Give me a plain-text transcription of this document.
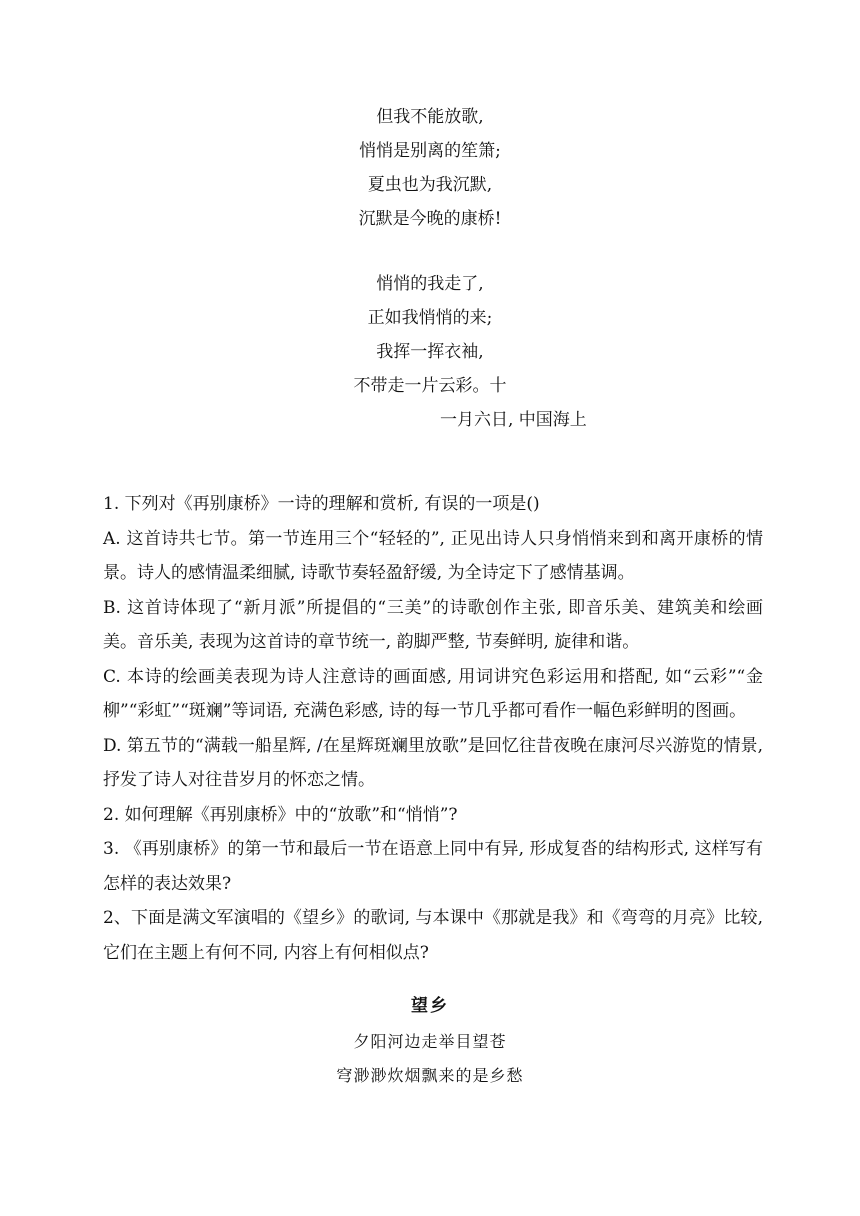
但我不能放歌,
悄悄是别离的笙箫;
夏虫也为我沉默,
沉默是今晚的康桥!
悄悄的我走了,
正如我悄悄的来;
我挥一挥衣袖,
不带走一片云彩。十
一月六日, 中国海上

1. 下列对《再别康桥》一诗的理解和赏析, 有误的一项是()

A. 这首诗共七节。第一节连用三个“轻轻的”, 正见出诗人只身悄悄来到和离开康桥的情景。诗人的感情温柔细腻, 诗歌节奏轻盈舒缓, 为全诗定下了感情基调。

B. 这首诗体现了“新月派”所提倡的“三美”的诗歌创作主张, 即音乐美、建筑美和绘画美。音乐美, 表现为这首诗的章节统一, 韵脚严整, 节奏鲜明, 旋律和谐。

C. 本诗的绘画美表现为诗人注意诗的画面感, 用词讲究色彩运用和搭配, 如“云彩”“金柳”“彩虹”“斑斓”等词语, 充满色彩感, 诗的每一节几乎都可看作一幅色彩鲜明的图画。

D. 第五节的“满载一船星辉, /在星辉斑斓里放歌”是回忆往昔夜晚在康河尽兴游览的情景, 抒发了诗人对往昔岁月的怀恋之情。

2. 如何理解《再别康桥》中的“放歌”和“悄悄”?

3. 《再别康桥》的第一节和最后一节在语意上同中有异, 形成复沓的结构形式, 这样写有怎样的表达效果?

2、下面是满文军演唱的《望乡》的歌词, 与本课中《那就是我》和《弯弯的月亮》比较, 它们在主题上有何不同, 内容上有何相似点?

望乡
夕阳河边走举目望苍
穹渺渺炊烟飘来的是乡愁
